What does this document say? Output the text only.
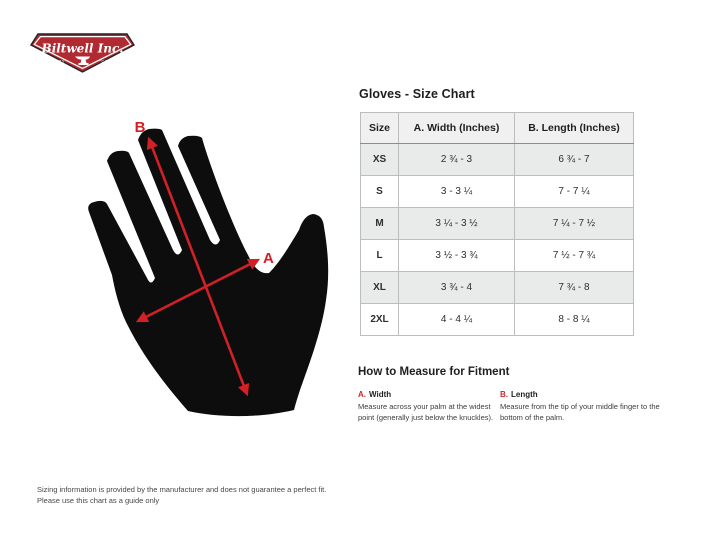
Biltwell Inc.
“QUALITY”	“COUNTS”
B
A
Gloves - Size Chart
Size	A. Width (Inches)	B. Length (Inches)
XS	2 ¾ - 3	6 ¾ - 7
S	3 - 3 ¼	7 - 7 ¼
M	3 ¼ - 3 ½	7 ¼ - 7 ½
L	3 ½ - 3 ¾	7 ½ - 7 ¾
XL	3 ¾ - 4	7 ¾ - 8
2XL	4 - 4 ¼	8 - 8 ¼
How to Measure for Fitment

A. Width

Measure across your palm at the widest point (generally just below the knuckles).

B. Length

Measure from the tip of your middle finger to the bottom of the palm.

Sizing information is provided by the manufacturer and does not guarantee a perfect fit.
Please use this chart as a guide only
